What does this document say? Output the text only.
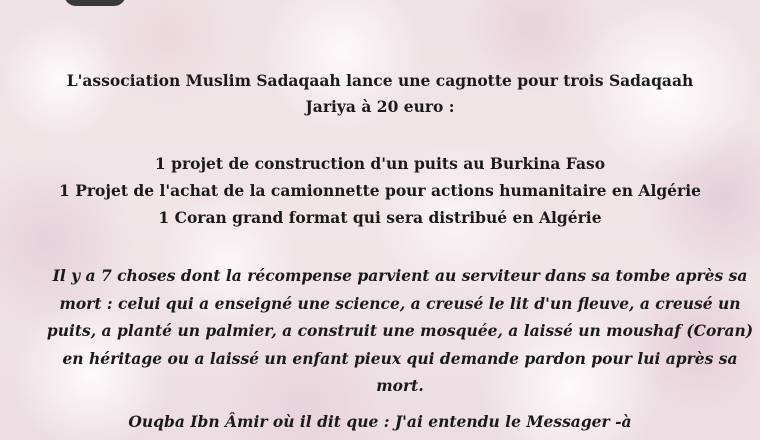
L'association Muslim Sadaqaah lance une cagnotte pour trois Sadaqaah
Jariya à 20 euro :

1 projet de construction d'un puits au Burkina Faso
1 Projet de l'achat de la camionnette pour actions humanitaire en Algérie
1 Coran grand format qui sera distribué en Algérie

Il y a 7 choses dont la récompense parvient au serviteur dans sa tombe après sa
mort : celui qui a enseigné une science, a creusé le lit d'un fleuve, a creusé un
puits, a planté un palmier, a construit une mosquée, a laissé un moushaf (Coran)
en héritage ou a laissé un enfant pieux qui demande pardon pour lui après sa
mort.

Ouqba Ibn Âmir où il dit que : J'ai entendu le Messager -à
